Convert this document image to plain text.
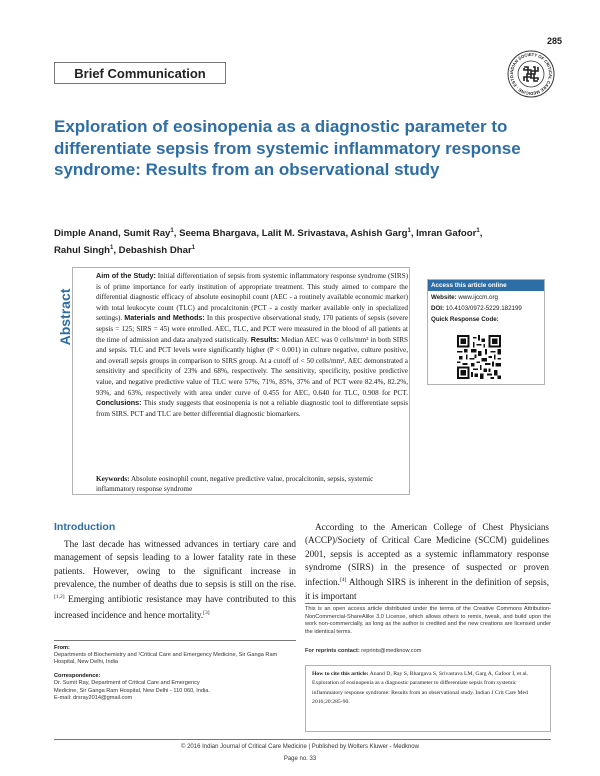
285
Brief Communication	INDIAN SOCIETY OF CRITICAL CARE MEDICINE · ESTD.
Exploration of eosinopenia as a diagnostic parameter to differentiate sepsis from systemic inflammatory response syndrome: Results from an observational study
Dimple Anand, Sumit Ray$^1$, Seema Bhargava, Lalit M. Srivastava, Ashish Garg$^1$, Imran Gafoor$^1$,
Rahul Singh$^1$, Debashish Dhar$^1$
Abstract

Aim of the Study: Initial differentiation of sepsis from systemic inflammatory response syndrome (SIRS) is of prime importance for early institution of appropriate treatment. This study aimed to compare the differential diagnostic efficacy of absolute eosinophil count (AEC - a routinely available economic marker) with total leukocyte count (TLC) and procalcitonin (PCT - a costly marker available only in specialized settings). Materials and Methods: In this prospective observational study, 170 patients of sepsis (severe sepsis = 125; SIRS = 45) were enrolled. AEC, TLC, and PCT were measured in the blood of all patients at the time of admission and data analyzed statistically. Results: Median AEC was 0 cells/mm³ in both SIRS and sepsis. TLC and PCT levels were significantly higher (P < 0.001) in culture negative, culture positive, and overall sepsis groups in comparison to SIRS group. At a cutoff of < 50 cells/mm³, AEC demonstrated a sensitivity and specificity of 23% and 68%, respectively. The sensitivity, specificity, positive predictive value, and negative predictive value of TLC were 57%, 71%, 85%, 37% and of PCT were 82.4%, 82.2%, 93%, and 63%, respectively with area under curve of 0.455 for AEC, 0.640 for TLC, 0.908 for PCT. Conclusions: This study suggests that eosinopenia is not a reliable diagnostic tool to differentiate sepsis from SIRS. PCT and TLC are better differential diagnostic biomarkers.

Keywords: Absolute eosinophil count, negative predictive value, procalcitonin, sepsis, systemic inflammatory response syndrome
Access this article online
Website: www.ijccm.org
DOI: 10.4103/0972-5229.182199
Quick Response Code:
Introduction

The last decade has witnessed advances in tertiary care and management of sepsis leading to a lower fatality rate in these patients. However, owing to the significant increase in prevalence, the number of deaths due to sepsis is still on the rise.[1,2] Emerging antibiotic resistance may have contributed to this increased incidence and hence mortality.[3]

According to the American College of Chest Physicians (ACCP)/Society of Critical Care Medicine (SCCM) guidelines 2001, sepsis is accepted as a systemic inflammatory response syndrome (SIRS) in the presence of suspected or proven infection.[4] Although SIRS is inherent in the definition of sepsis, it is important

This is an open access article distributed under the terms of the Creative Commons Attribution-NonCommercial-ShareAlike 3.0 License, which allows others to remix, tweak, and build upon the work non-commercially, as long as the author is credited and the new creations are licensed under the identical terms.

For reprints contact: reprints@medknow.com

How to cite this article: Anand D, Ray S, Bhargava S, Srivastava LM, Garg A, Gafoor I, et al. Exploration of eosinopenia as a diagnostic parameter to differentiate sepsis from systemic inflammatory response syndrome: Results from an observational study. Indian J Crit Care Med 2016;20:285-90.

From:
Departments of Biochemistry and ¹Critical Care and Emergency Medicine, Sir Ganga Ram Hospital, New Delhi, India

Correspondence:
Dr. Sumit Ray, Department of Critical Care and Emergency
Medicine, Sir Ganga Ram Hospital, New Delhi - 110 060, India.
E-mail: drsray2014@gmail.com

© 2016 Indian Journal of Critical Care Medicine | Published by Wolters Kluwer - Medknow
Page no. 33
